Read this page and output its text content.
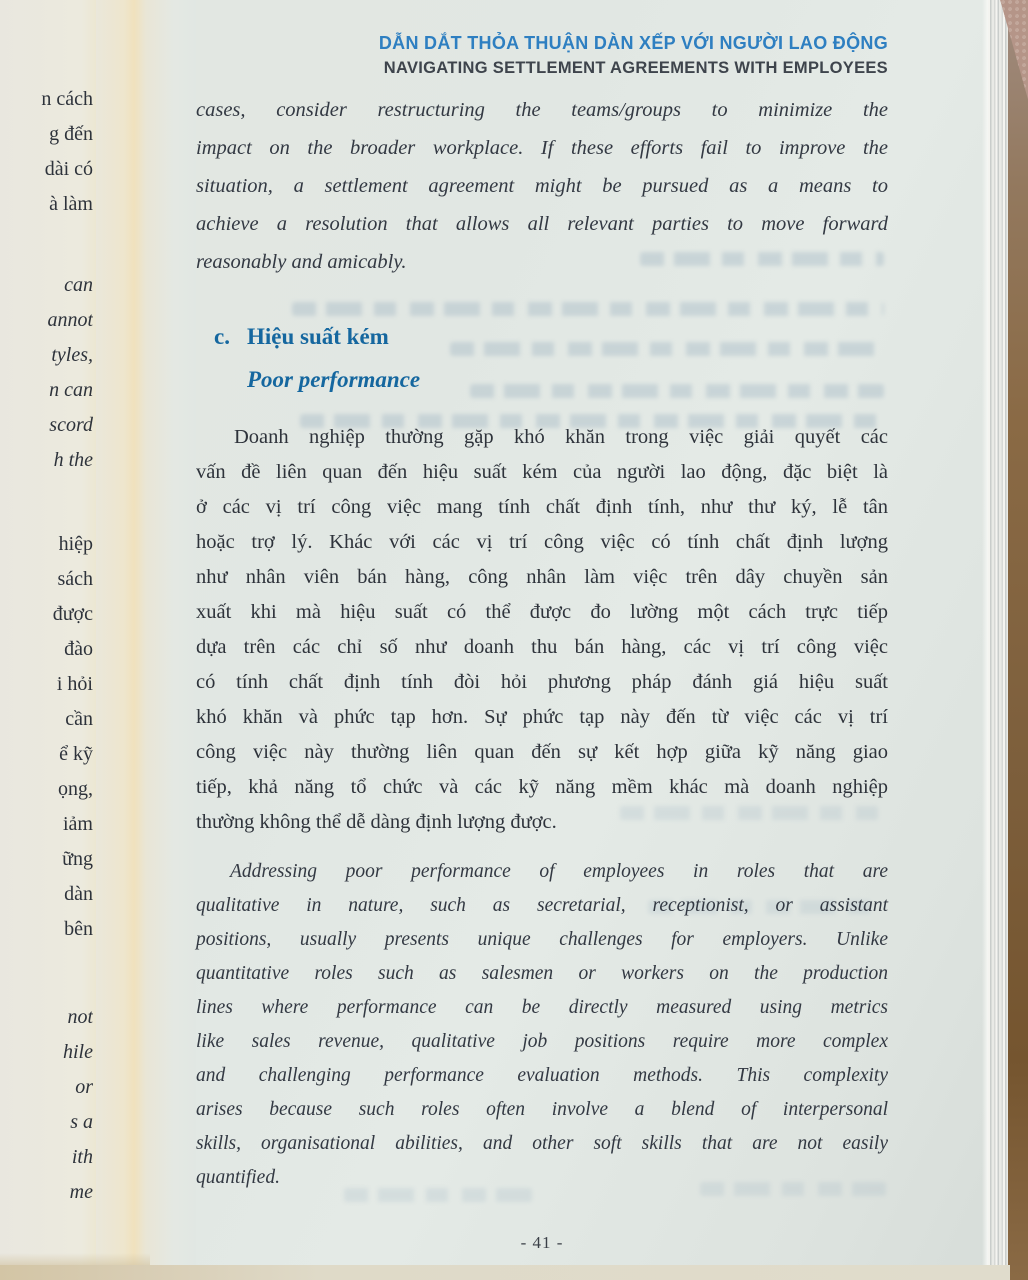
n cách
g đến
dài có
à làm
can
annot
tyles,
n can
scord
h the
hiệp
sách
được
đào
i hỏi
cần
ể kỹ
ọng,
iảm
ững
dàn
bên
not
hile
or
s a
ith
me
DẪN DẮT THỎA THUẬN DÀN XẾP VỚI NGƯỜI LAO ĐỘNG
NAVIGATING SETTLEMENT AGREEMENTS WITH EMPLOYEES
cases, consider restructuring the teams/groups to minimize the
impact on the broader workplace. If these efforts fail to improve the
situation, a settlement agreement might be pursued as a means to
achieve a resolution that allows all relevant parties to move forward
reasonably and amicably.
c. Hiệu suất kém
Poor performance
Doanh nghiệp thường gặp khó khăn trong việc giải quyết các
vấn đề liên quan đến hiệu suất kém của người lao động, đặc biệt là
ở các vị trí công việc mang tính chất định tính, như thư ký, lễ tân
hoặc trợ lý. Khác với các vị trí công việc có tính chất định lượng
như nhân viên bán hàng, công nhân làm việc trên dây chuyền sản
xuất khi mà hiệu suất có thể được đo lường một cách trực tiếp
dựa trên các chỉ số như doanh thu bán hàng, các vị trí công việc
có tính chất định tính đòi hỏi phương pháp đánh giá hiệu suất
khó khăn và phức tạp hơn. Sự phức tạp này đến từ việc các vị trí
công việc này thường liên quan đến sự kết hợp giữa kỹ năng giao
tiếp, khả năng tổ chức và các kỹ năng mềm khác mà doanh nghiệp
thường không thể dễ dàng định lượng được.
Addressing poor performance of employees in roles that are
qualitative in nature, such as secretarial, receptionist, or assistant
positions, usually presents unique challenges for employers. Unlike
quantitative roles such as salesmen or workers on the production
lines where performance can be directly measured using metrics
like sales revenue, qualitative job positions require more complex
and challenging performance evaluation methods. This complexity
arises because such roles often involve a blend of interpersonal
skills, organisational abilities, and other soft skills that are not easily
quantified.
- 41 -
